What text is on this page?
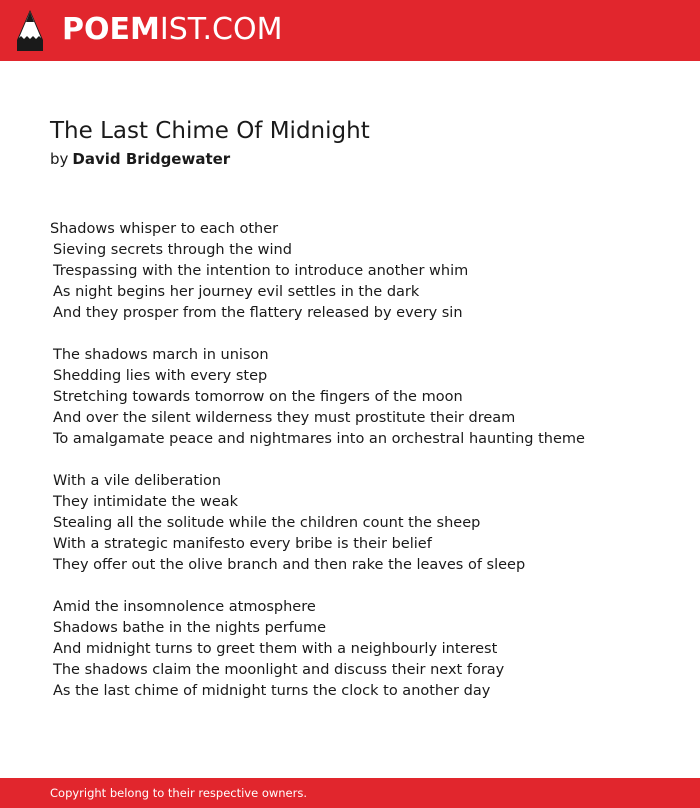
POEMIST.COM
The Last Chime Of Midnight
by David Bridgewater
Shadows whisper to each other
Sieving secrets through the wind
Trespassing with the intention to introduce another whim
As night begins her journey evil settles in the dark
And they prosper from the flattery released by every sin
The shadows march in unison
Shedding lies with every step
Stretching towards tomorrow on the fingers of the moon
And over the silent wilderness they must prostitute their dream
To amalgamate peace and nightmares into an orchestral haunting theme
With a vile deliberation
They intimidate the weak
Stealing all the solitude while the children count the sheep
With a strategic manifesto every bribe is their belief
They offer out the olive branch and then rake the leaves of sleep
Amid the insomnolence atmosphere
Shadows bathe in the nights perfume
And midnight turns to greet them with a neighbourly interest
The shadows claim the moonlight and discuss their next foray
As the last chime of midnight turns the clock to another day
Copyright belong to their respective owners.
